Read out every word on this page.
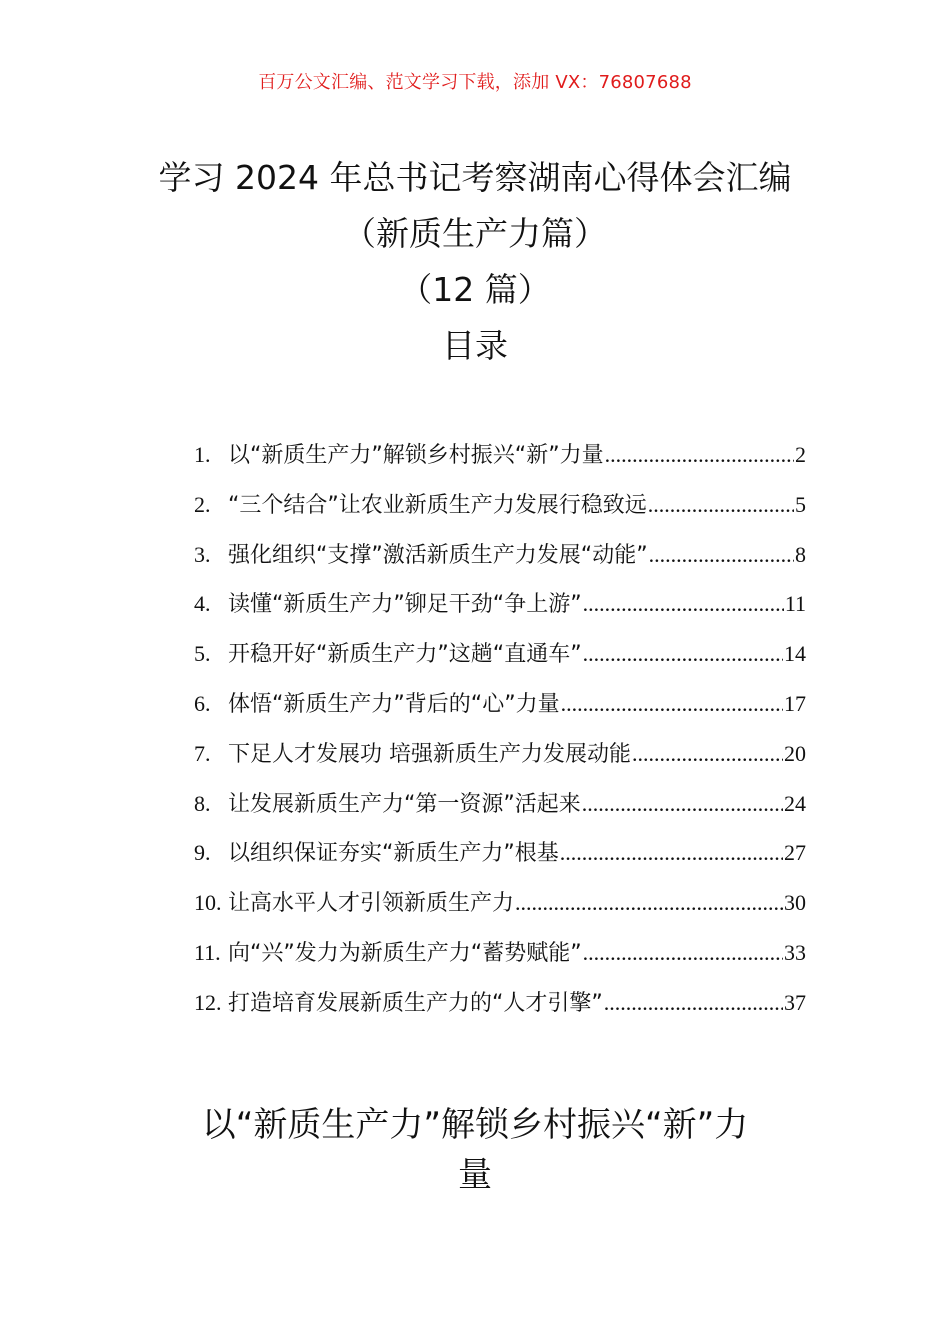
百万公文汇编、范文学习下载，添加 VX：76807688
学习 2024 年总书记考察湖南心得体会汇编
（新质生产力篇）
（12 篇）
目录
1. 以“新质生产力”解锁乡村振兴“新”力量 .....	2
2. “三个结合”让农业新质生产力发展行稳致远 .....	5
3. 强化组织“支撑”激活新质生产力发展“动能” .....	8
4. 读懂“新质生产力”铆足干劲“争上游” .....	11
5. 开稳开好“新质生产力”这趟“直通车” .....	14
6. 体悟“新质生产力”背后的“心”力量 .....	17
7. 下足人才发展功 培强新质生产力发展动能 .....	20
8. 让发展新质生产力“第一资源”活起来 .....	24
9. 以组织保证夯实“新质生产力”根基 .....	27
10. 让高水平人才引领新质生产力 .....	30
11. 向“兴”发力为新质生产力“蓄势赋能” .....	33
12. 打造培育发展新质生产力的“人才引擎” .....	37
以“新质生产力”解锁乡村振兴“新”力
量
